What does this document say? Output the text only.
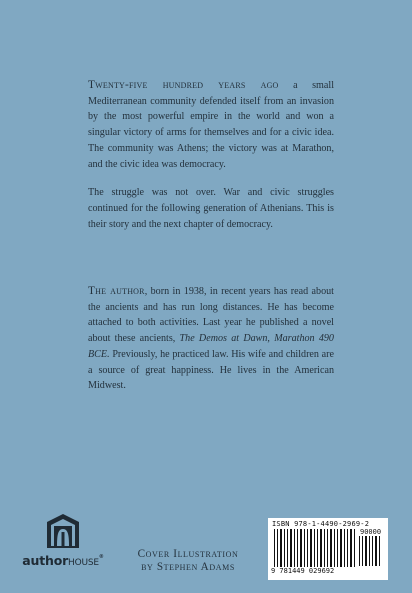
Twenty-five hundred years ago a small Mediterranean community defended itself from an invasion by the most powerful empire in the world and won a singular victory of arms for themselves and for a civic idea. The community was Athens; the victory was at Marathon, and the civic idea was democracy.

The struggle was not over. War and civic struggles continued for the following generation of Athenians. This is their story and the next chapter of democracy.

The author, born in 1938, in recent years has read about the ancients and has run long distances. He has become attached to both activities. Last year he published a novel about these ancients, The Demos at Dawn, Marathon 490 BCE. Previously, he practiced law. His wife and children are a source of great happiness. He lives in the American Midwest.

authorhouse®	Cover Illustration
by Stephen Adams
ISBN 978-1-4490-2969-2
90000
9 781449 029692
